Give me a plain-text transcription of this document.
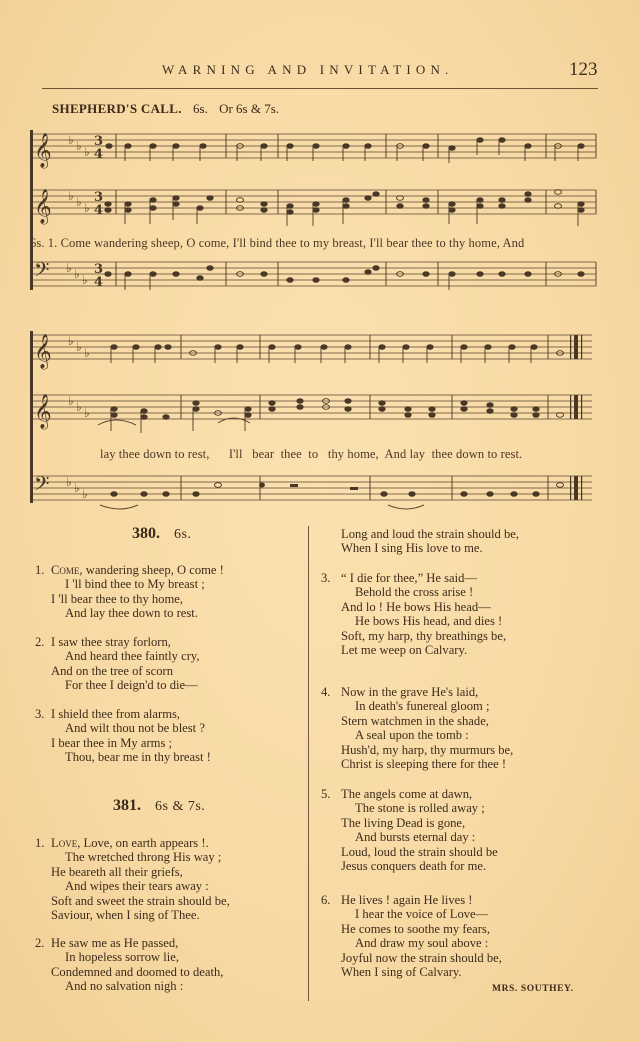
WARNING AND INVITATION.	123
SHEPHERD'S CALL. 6s. Or 6s & 7s.
𝄞
𝄞
𝄢
♭ ♭ ♭
♭ ♭ ♭
♭ ♭ ♭
3
4
3
4
3
4
6s. 1. Come wandering sheep, O come, I'll bind thee to my breast, I'll bear thee to thy home, And
𝄞
𝄞
𝄢
♭ ♭ ♭
♭ ♭ ♭
♭ ♭ ♭
lay thee down to rest,      I'll   bear  thee  to   thy home,  And lay  thee down to rest.
380. 6s.
1. Come, wandering sheep, O come !
I 'll bind thee to My breast ;
I 'll bear thee to thy home,
And lay thee down to rest.
2. I saw thee stray forlorn,
And heard thee faintly cry,
And on the tree of scorn
For thee I deign'd to die—
3. I shield thee from alarms,
And wilt thou not be blest ?
I bear thee in My arms ;
Thou, bear me in thy breast !
381. 6s & 7s.
1. Love, Love, on earth appears !.
The wretched throng His way ;
He beareth all their griefs,
And wipes their tears away :
Soft and sweet the strain should be,
Saviour, when I sing of Thee.
2. He saw me as He passed,
In hopeless sorrow lie,
Condemned and doomed to death,
And no salvation nigh :
Long and loud the strain should be,
When I sing His love to me.
3. “ I die for thee,” He said—
Behold the cross arise !
And lo ! He bows His head—
He bows His head, and dies !
Soft, my harp, thy breathings be,
Let me weep on Calvary.
4. Now in the grave He's laid,
In death's funereal gloom ;
Stern watchmen in the shade,
A seal upon the tomb :
Hush'd, my harp, thy murmurs be,
Christ is sleeping there for thee !
5. The angels come at dawn,
The stone is rolled away ;
The living Dead is gone,
And bursts eternal day :
Loud, loud the strain should be
Jesus conquers death for me.
6. He lives ! again He lives !
I hear the voice of Love—
He comes to soothe my fears,
And draw my soul above :
Joyful now the strain should be,
When I sing of Calvary.
MRS. SOUTHEY.
